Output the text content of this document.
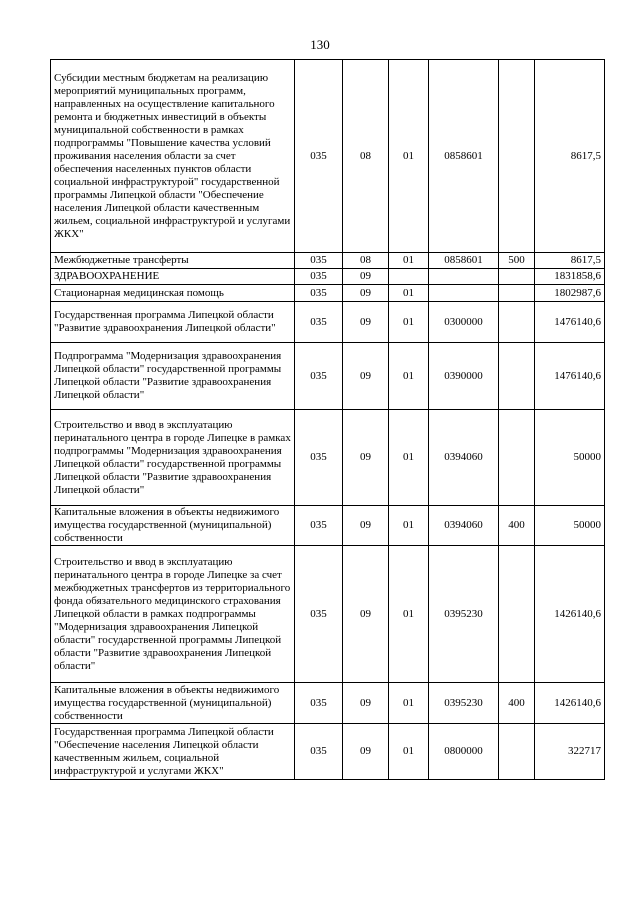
130
Субсидии местным бюджетам на реализацию мероприятий муниципальных программ, направленных на осуществление капитального ремонта и бюджетных инвестиций в объекты муниципальной собственности в рамках подпрограммы "Повышение качества условий проживания населения области за счет обеспечения населенных пунктов области социальной инфраструктурой" государственной программы Липецкой области "Обеспечение населения Липецкой области качественным жильем, социальной инфраструктурой и услугами ЖКХ"	035	08	01	0858601		8617,5
Межбюджетные трансферты	035	08	01	0858601	500	8617,5
ЗДРАВООХРАНЕНИЕ	035	09				1831858,6
Стационарная медицинская помощь	035	09	01			1802987,6
Государственная программа Липецкой области "Развитие здравоохранения Липецкой области"	035	09	01	0300000		1476140,6
Подпрограмма "Модернизация здравоохранения Липецкой области" государственной программы Липецкой области "Развитие здравоохранения Липецкой области"	035	09	01	0390000		1476140,6
Строительство и ввод в эксплуатацию перинатального центра в городе Липецке в рамках подпрограммы "Модернизация здравоохранения Липецкой области" государственной программы Липецкой области "Развитие здравоохранения Липецкой области"	035	09	01	0394060		50000
Капитальные вложения в объекты недвижимого имущества государственной (муниципальной) собственности	035	09	01	0394060	400	50000
Строительство и ввод в эксплуатацию перинатального центра в городе Липецке за счет межбюджетных трансфертов из территориального фонда обязательного медицинского страхования Липецкой области в рамках подпрограммы "Модернизация здравоохранения Липецкой области" государственной программы Липецкой области "Развитие здравоохранения Липецкой области"	035	09	01	0395230		1426140,6
Капитальные вложения в объекты недвижимого имущества государственной (муниципальной) собственности	035	09	01	0395230	400	1426140,6
Государственная программа Липецкой области "Обеспечение населения Липецкой области качественным жильем, социальной инфраструктурой и услугами ЖКХ"	035	09	01	0800000		322717
